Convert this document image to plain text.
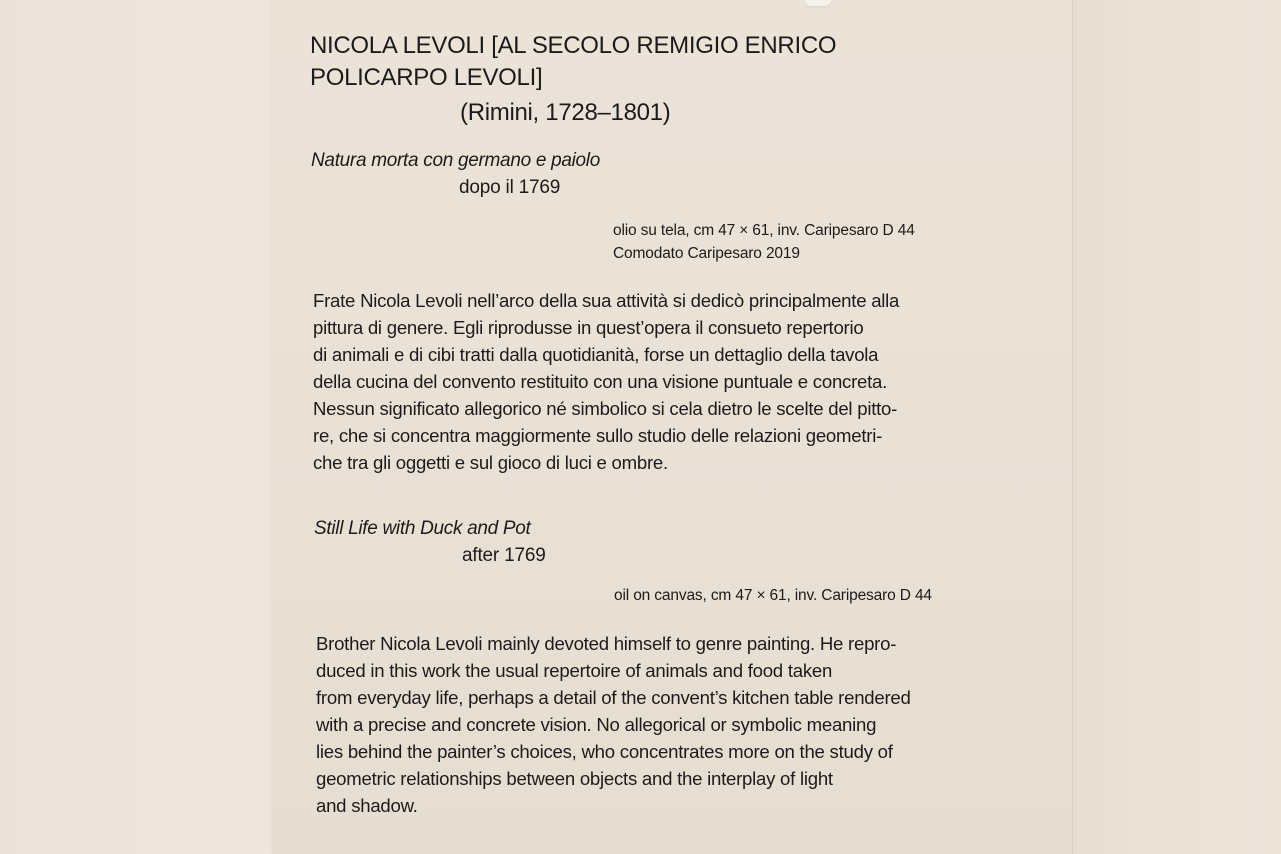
NICOLA LEVOLI [AL SECOLO REMIGIO ENRICO
POLICARPO LEVOLI]
(Rimini, 1728–1801)
Natura morta con germano e paiolo
dopo il 1769
olio su tela, cm 47 × 61, inv. Caripesaro D 44
Comodato Caripesaro 2019
Frate Nicola Levoli nell’arco della sua attività si dedicò principalmente alla
pittura di genere. Egli riprodusse in quest’opera il consueto repertorio
di animali e di cibi tratti dalla quotidianità, forse un dettaglio della tavola
della cucina del convento restituito con una visione puntuale e concreta.
Nessun significato allegorico né simbolico si cela dietro le scelte del pitto-
re, che si concentra maggiormente sullo studio delle relazioni geometri-
che tra gli oggetti e sul gioco di luci e ombre.
Still Life with Duck and Pot
after 1769
oil on canvas, cm 47 × 61, inv. Caripesaro D 44
Brother Nicola Levoli mainly devoted himself to genre painting. He repro-
duced in this work the usual repertoire of animals and food taken
from everyday life, perhaps a detail of the convent’s kitchen table rendered
with a precise and concrete vision. No allegorical or symbolic meaning
lies behind the painter’s choices, who concentrates more on the study of
geometric relationships between objects and the interplay of light
and shadow.
